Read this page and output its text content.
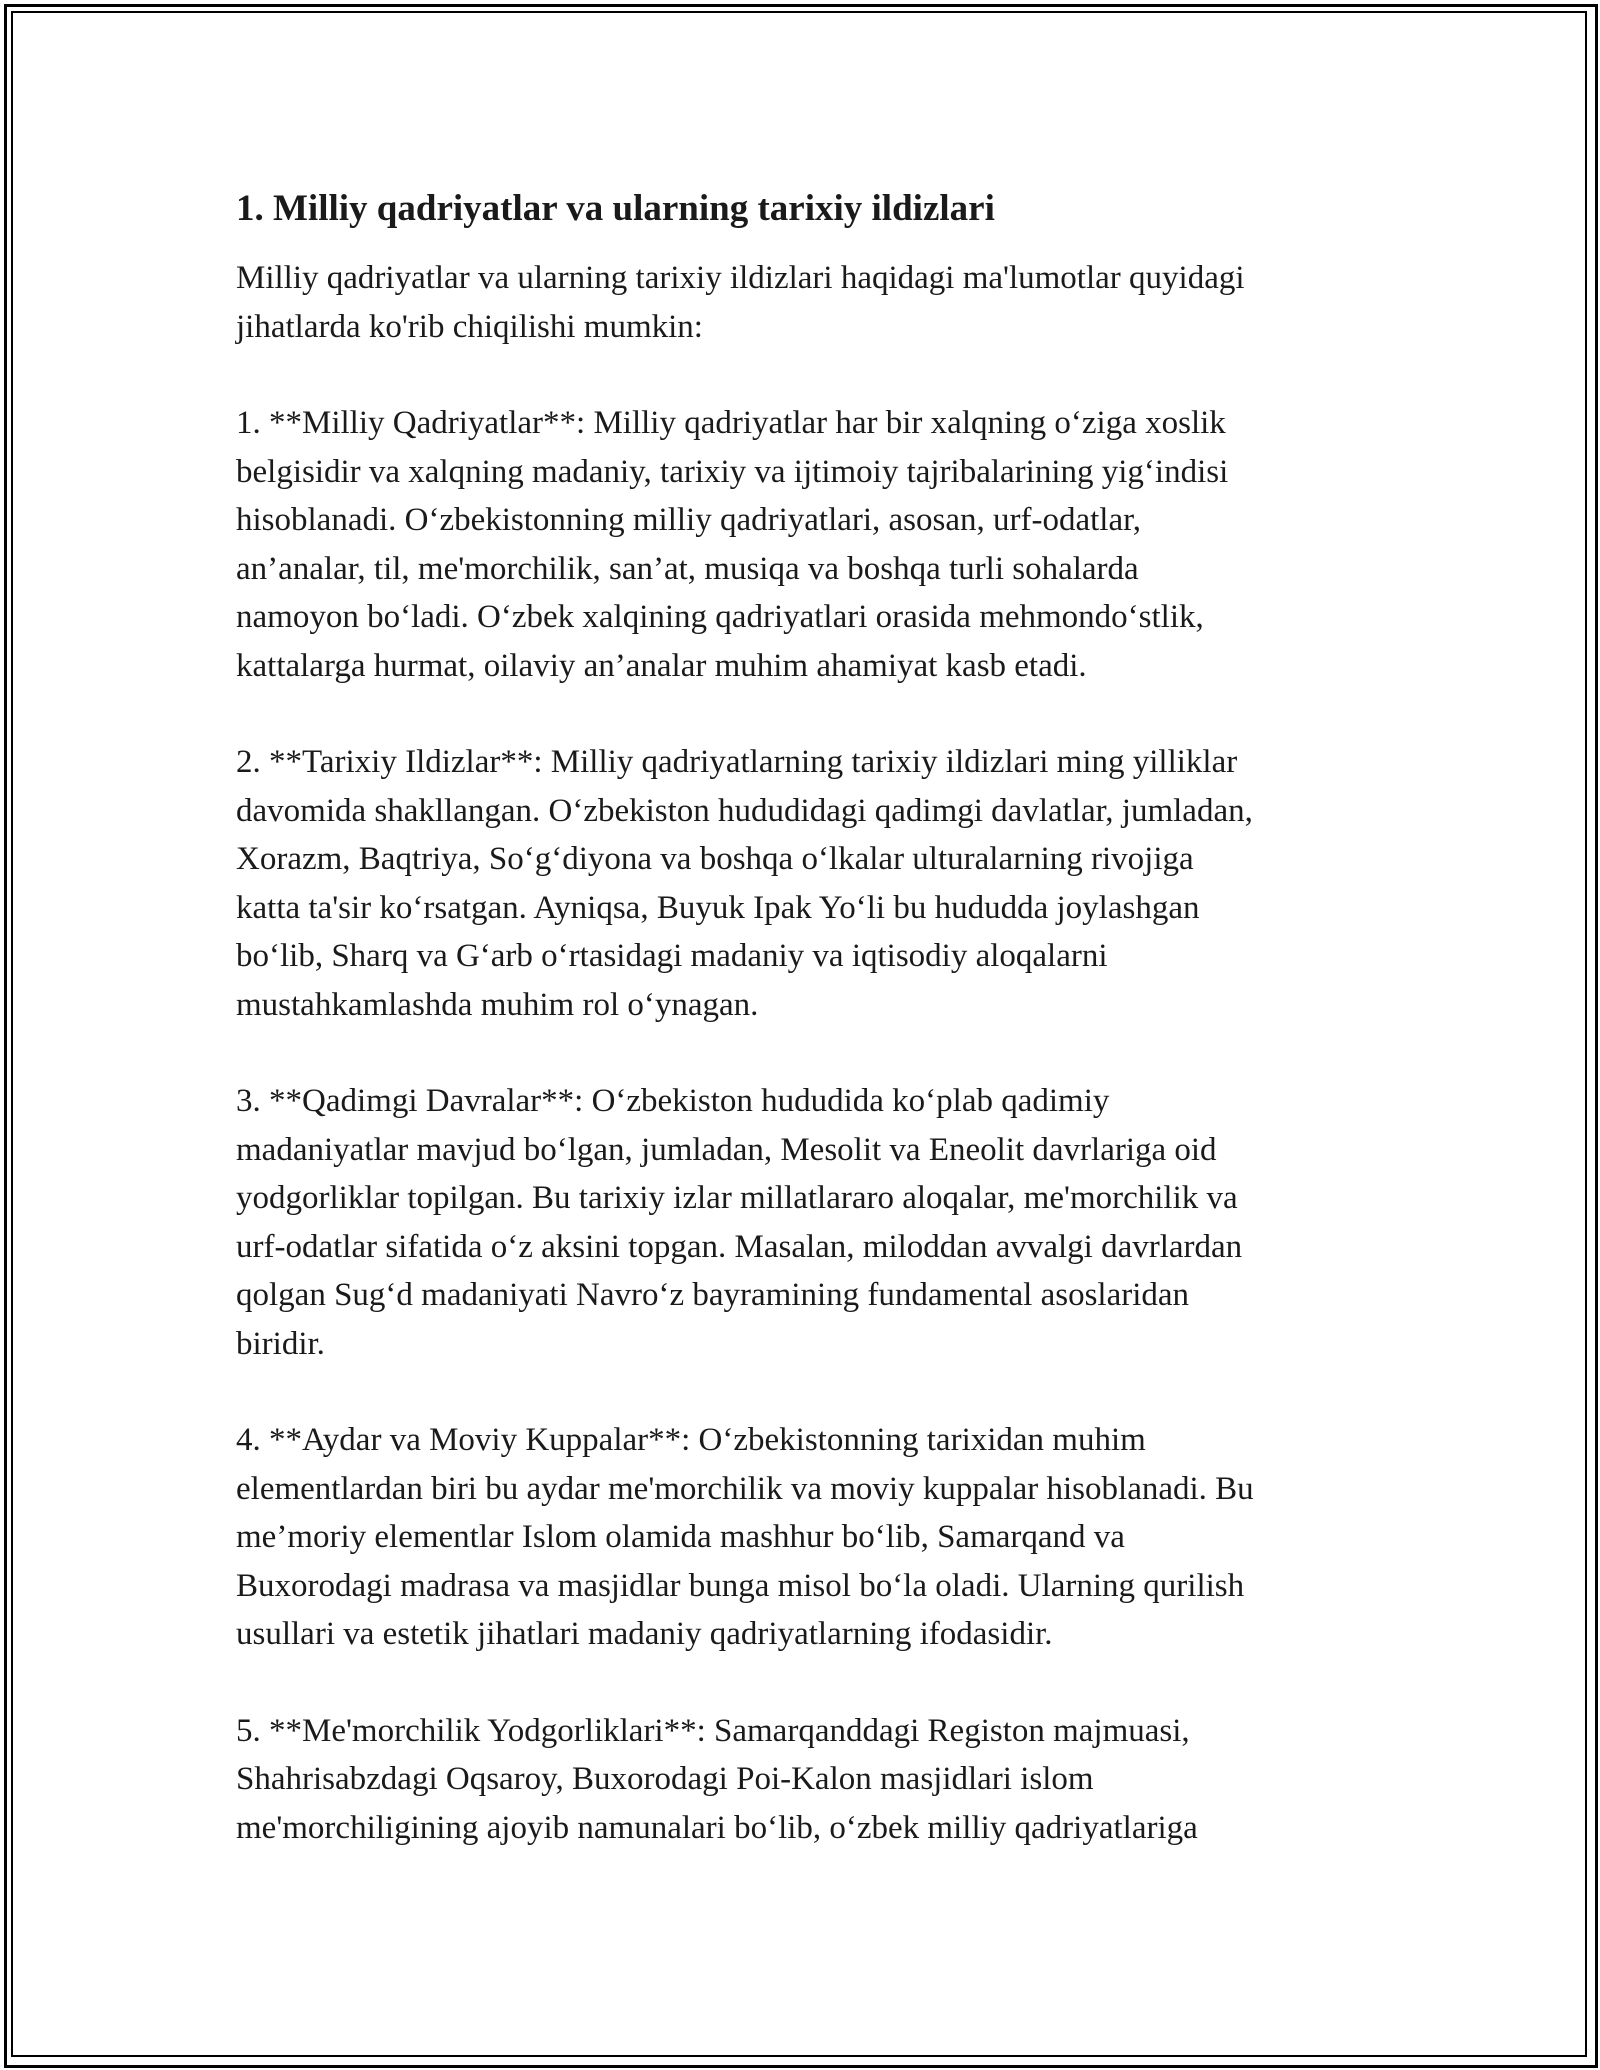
1. Milliy qadriyatlar va ularning tarixiy ildizlari

Milliy qadriyatlar va ularning tarixiy ildizlari haqidagi ma'lumotlar quyidagi
jihatlarda ko'rib chiqilishi mumkin:

1. **Milliy Qadriyatlar**: Milliy qadriyatlar har bir xalqning o‘ziga xoslik
belgisidir va xalqning madaniy, tarixiy va ijtimoiy tajribalarining yig‘indisi
hisoblanadi. O‘zbekistonning milliy qadriyatlari, asosan, urf-odatlar,
an’analar, til, me'morchilik, san’at, musiqa va boshqa turli sohalarda
namoyon bo‘ladi. O‘zbek xalqining qadriyatlari orasida mehmondo‘stlik,
kattalarga hurmat, oilaviy an’analar muhim ahamiyat kasb etadi.

2. **Tarixiy Ildizlar**: Milliy qadriyatlarning tarixiy ildizlari ming yilliklar
davomida shakllangan. O‘zbekiston hududidagi qadimgi davlatlar, jumladan,
Xorazm, Baqtriya, So‘g‘diyona va boshqa o‘lkalar ulturalarning rivojiga
katta ta'sir ko‘rsatgan. Ayniqsa, Buyuk Ipak Yo‘li bu hududda joylashgan
bo‘lib, Sharq va G‘arb o‘rtasidagi madaniy va iqtisodiy aloqalarni
mustahkamlashda muhim rol o‘ynagan.

3. **Qadimgi Davralar**: O‘zbekiston hududida ko‘plab qadimiy
madaniyatlar mavjud bo‘lgan, jumladan, Mesolit va Eneolit davrlariga oid
yodgorliklar topilgan. Bu tarixiy izlar millatlararo aloqalar, me'morchilik va
urf-odatlar sifatida o‘z aksini topgan. Masalan, miloddan avvalgi davrlardan
qolgan Sug‘d madaniyati Navro‘z bayramining fundamental asoslaridan
biridir.

4. **Aydar va Moviy Kuppalar**: O‘zbekistonning tarixidan muhim
elementlardan biri bu aydar me'morchilik va moviy kuppalar hisoblanadi. Bu
me’moriy elementlar Islom olamida mashhur bo‘lib, Samarqand va
Buxorodagi madrasa va masjidlar bunga misol bo‘la oladi. Ularning qurilish
usullari va estetik jihatlari madaniy qadriyatlarning ifodasidir.

5. **Me'morchilik Yodgorliklari**: Samarqanddagi Registon majmuasi,
Shahrisabzdagi Oqsaroy, Buxorodagi Poi-Kalon masjidlari islom
me'morchiligining ajoyib namunalari bo‘lib, o‘zbek milliy qadriyatlariga
